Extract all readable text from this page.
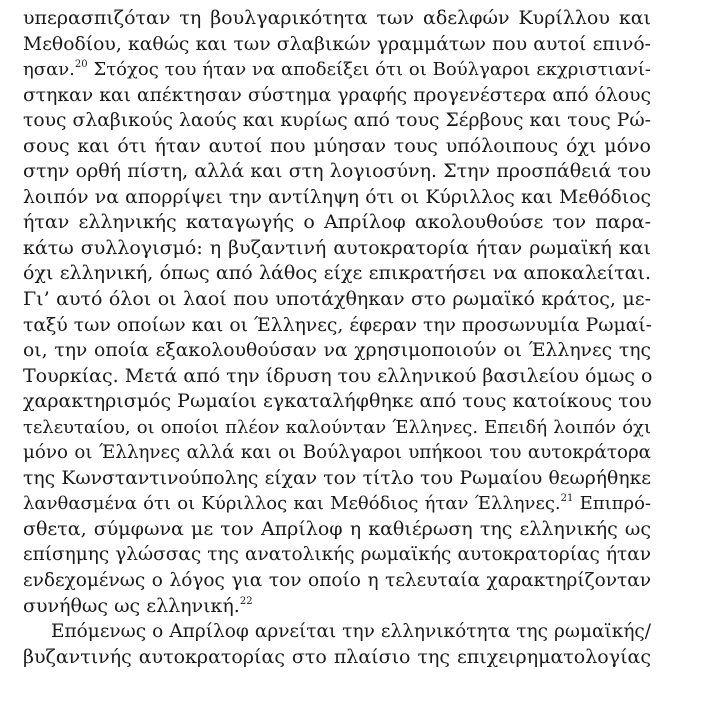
υπερασπιζόταν τη βουλγαρικότητα των αδελφών Κυρίλλου και
Μεθοδίου, καθώς και των σλαβικών γραμμάτων που αυτοί επινό-
ησαν.$^{20}$ Στόχος του ήταν να αποδείξει ότι οι Βούλγαροι εκχριστιανί-
στηκαν και απέκτησαν σύστημα γραφής προγενέστερα από όλους
τους σλαβικούς λαούς και κυρίως από τους Σέρβους και τους Ρώ-
σους και ότι ήταν αυτοί που μύησαν τους υπόλοιπους όχι μόνο
στην ορθή πίστη, αλλά και στη λογιοσύνη. Στην προσπάθειά του
λοιπόν να απορρίψει την αντίληψη ότι οι Κύριλλος και Μεθόδιος
ήταν ελληνικής καταγωγής ο Απρίλοφ ακολουθούσε τον παρα-
κάτω συλλογισμό: η βυζαντινή αυτοκρατορία ήταν ρωμαϊκή και
όχι ελληνική, όπως από λάθος είχε επικρατήσει να αποκαλείται.
Γι’ αυτό όλοι οι λαοί που υποτάχθηκαν στο ρωμαϊκό κράτος, με-
ταξύ των οποίων και οι Έλληνες, έφεραν την προσωνυμία Ρωμαί-
οι, την οποία εξακολουθούσαν να χρησιμοποιούν οι Έλληνες της
Τουρκίας. Μετά από την ίδρυση του ελληνικού βασιλείου όμως ο
χαρακτηρισμός Ρωμαίοι εγκαταλήφθηκε από τους κατοίκους του
τελευταίου, οι οποίοι πλέον καλούνταν Έλληνες. Επειδή λοιπόν όχι
μόνο οι Έλληνες αλλά και οι Βούλγαροι υπήκοοι του αυτοκράτορα
της Κωνσταντινούπολης είχαν τον τίτλο του Ρωμαίου θεωρήθηκε
λανθασμένα ότι οι Κύριλλος και Μεθόδιος ήταν Έλληνες.$^{21}$ Επιπρό-
σθετα, σύμφωνα με τον Απρίλοφ η καθιέρωση της ελληνικής ως
επίσημης γλώσσας της ανατολικής ρωμαϊκής αυτοκρατορίας ήταν
ενδεχομένως ο λόγος για τον οποίο η τελευταία χαρακτηρίζονταν
συνήθως ως ελληνική.$^{22}$
Επόμενως ο Απρίλοφ αρνείται την ελληνικότητα της ρωμαϊκής/
βυζαντινής αυτοκρατορίας στο πλαίσιο της επιχειρηματολογίας
